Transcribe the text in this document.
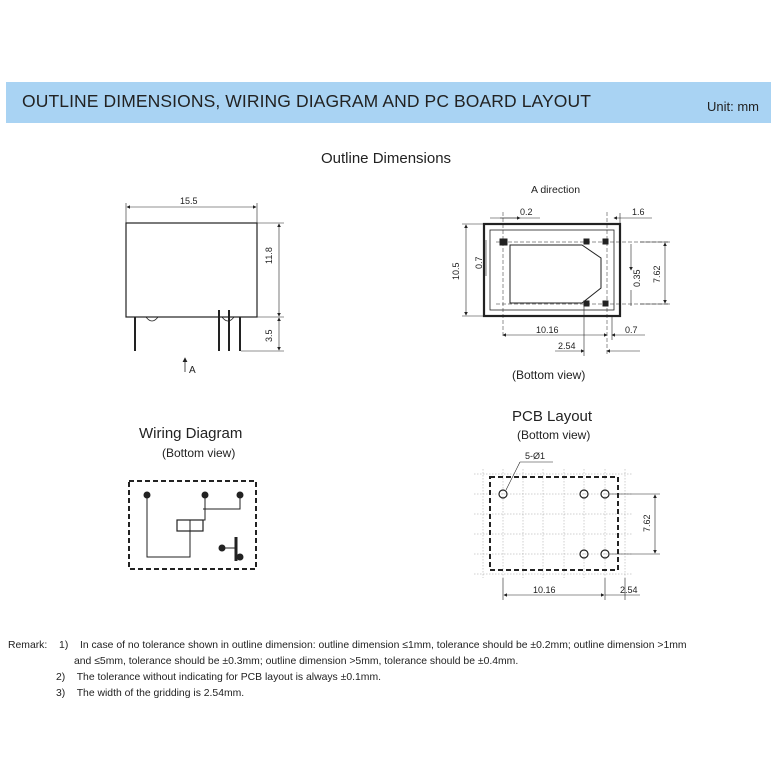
OUTLINE DIMENSIONS, WIRING DIAGRAM AND PC BOARD LAYOUT	Unit: mm
Outline Dimensions
Wiring Diagram
(Bottom view)
PCB Layout
(Bottom view)
(Bottom view)
15.5
11.8
3.5
A
A direction
0.2	1.6
10.5 0.7
0.35 7.62
10.16	0.7
2.54
5-Ø1
7.62
10.16	2.54
Remark: 1) In case of no tolerance shown in outline dimension: outline dimension ≤1mm, tolerance should be ±0.2mm; outline dimension >1mm
and ≤5mm, tolerance should be ±0.3mm; outline dimension >5mm, tolerance should be ±0.4mm.
2) The tolerance without indicating for PCB layout is always ±0.1mm.
3) The width of the gridding is 2.54mm.
